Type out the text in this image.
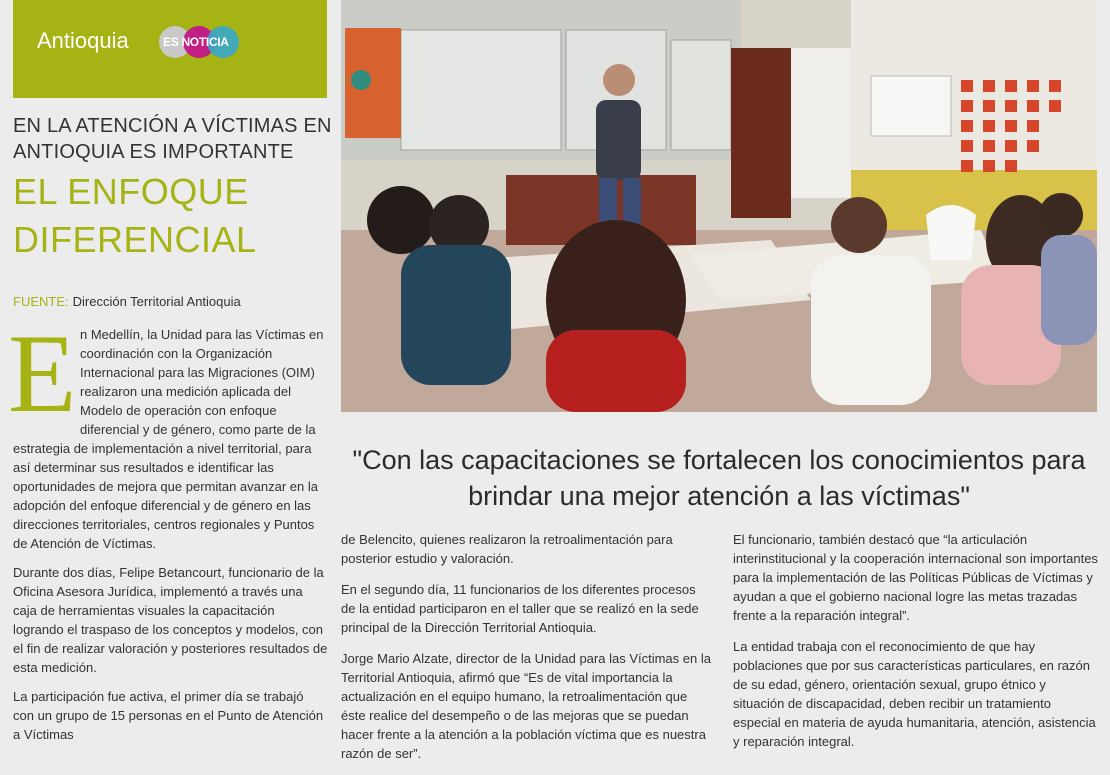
Antioquia	ES NOTICIA
EN LA ATENCIÓN A VÍCTIMAS EN ANTIOQUIA ES IMPORTANTE
EL ENFOQUE DIFERENCIAL
FUENTE: Dirección Territorial Antioquia
E n Medellín, la Unidad para las Víctimas en coordinación con la Organización Internacional para las Migraciones (OIM) realizaron una medición aplicada del Modelo de operación con enfoque diferencial y de género, como parte de la
estrategia de implementación a nivel territorial, para así determinar sus resultados e identificar las oportunidades de mejora que permitan avanzar en la adopción del enfoque diferencial y de género en las direcciones territoriales, centros regionales y Puntos de Atención de Víctimas.

Durante dos días, Felipe Betancourt, funcionario de la Oficina Asesora Jurídica, implementó a través una caja de herramientas visuales la capacitación logrando el traspaso de los conceptos y modelos, con el fin de realizar valoración y posteriores resultados de esta medición.

La participación fue activa, el primer día se trabajó con un grupo de 15 personas en el Punto de Atención a Víctimas

"Con las capacitaciones se fortalecen los conocimientos para brindar una mejor atención a las víctimas"

de Belencito, quienes realizaron la retroalimentación para posterior estudio y valoración.

En el segundo día, 11 funcionarios de los diferentes procesos de la entidad participaron en el taller que se realizó en la sede principal de la Dirección Territorial Antioquia.

Jorge Mario Alzate, director de la Unidad para las Víctimas en la Territorial Antioquia, afirmó que “Es de vital importancia la actualización en el equipo humano, la retroalimentación que éste realice del desempeño o de las mejoras que se puedan hacer frente a la atención a la población víctima que es nuestra razón de ser”.

El funcionario, también destacó que “la articulación interinstitucional y la cooperación internacional son importantes para la implementación de las Políticas Públicas de Víctimas y ayudan a que el gobierno nacional logre las metas trazadas frente a la reparación integral”.

La entidad trabaja con el reconocimiento de que hay poblaciones que por sus características particulares, en razón de su edad, género, orientación sexual, grupo étnico y situación de discapacidad, deben recibir un tratamiento especial en materia de ayuda humanitaria, atención, asistencia y reparación integral.
